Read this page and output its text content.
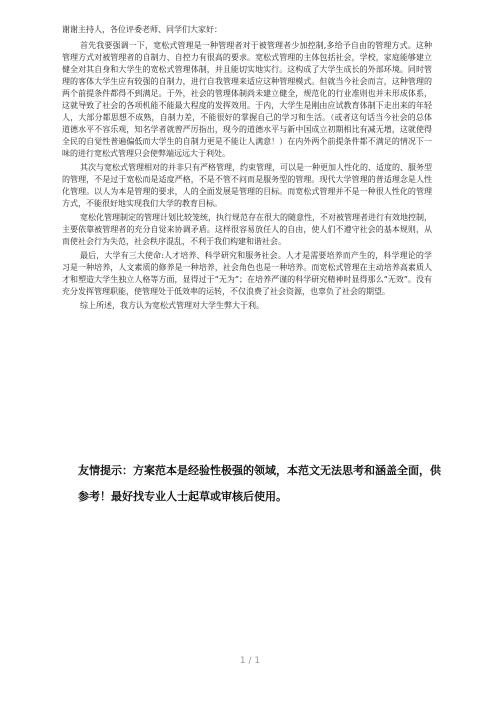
谢谢主持人，各位评委老师、同学们大家好：

首先我要强调一下，宽松式管理是一种管理者对于被管理者少加控制,多给予自由的管理方式。这种管理方式对被管理者的自制力、自控力有很高的要求。宽松式管理的主体包括社会，学校，家庭能够建立健全对其自身和大学生的宽松式管理体制，并且能切实地实行。这构成了大学生成长的外部环境。同时管理的客体大学生应有较强的自制力，进行自我管理来适应这种管理模式。但就当今社会而言，这种管理的两个前提条件都得不到满足。于外，社会的管理体制尚未建立健全，规范化的行业准则也并未形成体系，这就导致了社会的各项机能不能最大程度的发挥效用。于内，大学生是刚由应试教育体制下走出来的年轻人，大部分都思想不成熟，自制力差，不能很好的掌握自己的学习和生活。（或者这句话当今社会的总体道德水平不容乐观，知名学者就曾严厉指出，现今的道德水平与新中国成立初期相比有减无增，这就使得全民的自觉性普遍偏低而大学生的自制力更是不能让人满意！）在内外两个前提条件都不满足的情况下一味的进行宽松式管理只会使弊端远远大于利处。

其次与宽松式管理相对的并非只有严格管理，约束管理，可以是一种更加人性化的、适度的、服务型的管理，不是过于宽松而是适度严格，不是不管不问而是服务型的管理。现代大学管理的普适理念是人性化管理。以人为本是管理的要求，人的全面发展是管理的目标。而宽松式管理并不是一种很人性化的管理方式，不能很好地实现我们大学的教育目标。

宽松化管理制定的管理计划比较笼统，执行规范存在很大的随意性，不对被管理者进行有效地控制，主要依靠被管理者的充分自觉来协调矛盾。这样很容易放任人的自由，使人们不遵守社会的基本规则，从而使社会行为失范，社会秩序混乱，不利于我们构建和谐社会。

最后，大学有三大使命:人才培养、科学研究和服务社会。人才是需要培养而产生的，科学理论的学习是一种培养，人文素质的修养是一种培养，社会角色也是一种培养。而宽松式管理在主动培养高素质人才和塑造大学生独立人格等方面，显得过于“无为”；在培养严谨的科学研究精神时显得那么“无效”。没有充分发挥管理职能，使管理处于低效率的运转，不仅浪费了社会资源，也辜负了社会的期望。

综上所述，我方认为宽松式管理对大学生弊大于利。

友情提示：方案范本是经验性极强的领域，本范文无法思考和涵盖全面，供参考！最好找专业人士起草或审核后使用。
1 / 1
